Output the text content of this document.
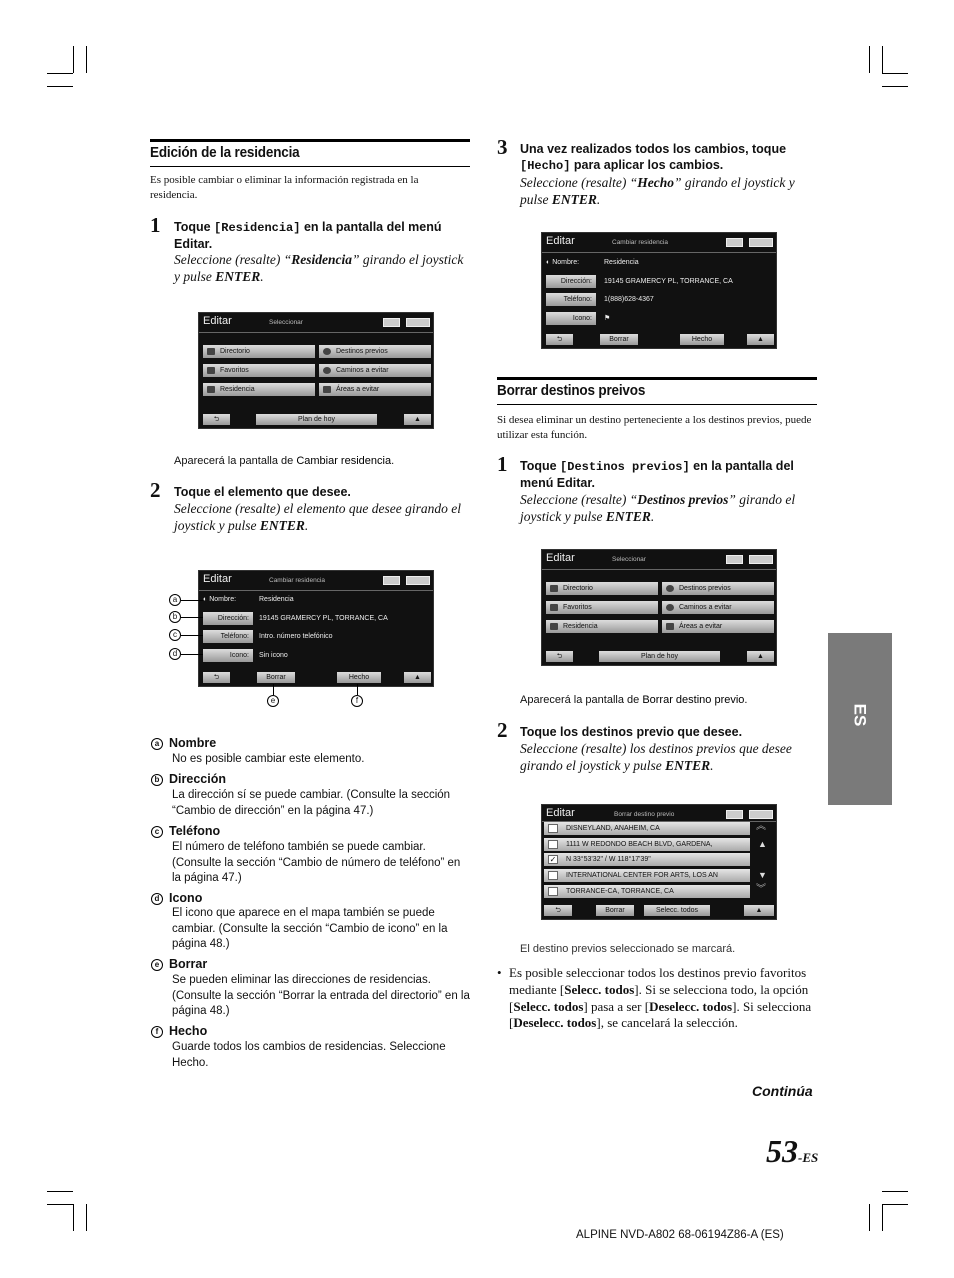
Edición de la residencia
Es posible cambiar o eliminar la información registrada en la residencia.
1 Toque [Residencia] en la pantalla del menú Editar.
Seleccione (resalte) “Residencia” girando el joystick y pulse ENTER.
Editar	Seleccionar
Directorio	Destinos previos
Favoritos	Caminos a evitar
Residencia	Áreas a evitar
⮌	Plan de hoy	▲
Aparecerá la pantalla de Cambiar residencia.
2 Toque el elemento que desee.
Seleccione (resalte) el elemento que desee girando el joystick y pulse ENTER.
Editar	Cambiar residencia
◐ Nombre:	Residencia
Dirección:	19145 GRAMERCY PL, TORRANCE, CA
Teléfono:	Intro. número telefónico
Icono:	Sin icono
⮌	Borrar	Hecho	▲
a
b
c
d
e	f
a Nombre
No es posible cambiar este elemento.
b Dirección
La dirección sí se puede cambiar. (Consulte la sección “Cambio de dirección” en la página 47.)
c Teléfono
El número de teléfono también se puede cambiar. (Consulte la sección “Cambio de número de teléfono” en la página 47.)
d Icono
El icono que aparece en el mapa también se puede cambiar. (Consulte la sección “Cambio de icono” en la página 48.)
e Borrar
Se pueden eliminar las direcciones de residencias. (Consulte la sección “Borrar la entrada del directorio” en la página 48.)
f Hecho
Guarde todos los cambios de residencias. Seleccione Hecho.
3 Una vez realizados todos los cambios, toque [Hecho] para aplicar los cambios.
Seleccione (resalte) “Hecho” girando el joystick y pulse ENTER.
Editar	Cambiar residencia
◐ Nombre:	Residencia
Dirección:	19145 GRAMERCY PL, TORRANCE, CA
Teléfono:	1(888)628-4367
Icono:	⚑
⮌	Borrar	Hecho	▲
Borrar destinos preivos
Si desea eliminar un destino perteneciente a los destinos previos, puede utilizar esta función.
1 Toque [Destinos previos] en la pantalla del menú Editar.
Seleccione (resalte) “Destinos previos” girando el joystick y pulse ENTER.
Editar	Seleccionar
Directorio	Destinos previos
Favoritos	Caminos a evitar
Residencia	Áreas a evitar
⮌	Plan de hoy	▲
Aparecerá la pantalla de Borrar destino previo.
2 Toque los destinos previo que desee.
Seleccione (resalte) los destinos previos que desee girando el joystick y pulse ENTER.
Editar	Borrar destino previo
DISNEYLAND, ANAHEIM, CA
1111 W REDONDO BEACH BLVD, GARDENA,
✓ N 33°53'32" / W 118°17'39"
INTERNATIONAL CENTER FOR ARTS, LOS AN
TORRANCE-CA, TORRANCE, CA
︽
▲
▼
︾
⮌	Borrar	Selecc. todos	▲
El destino previos seleccionado se marcará.
• Es posible seleccionar todos los destinos previo favoritos mediante [Selecc. todos]. Si se selecciona todo, la opción [Selecc. todos] pasa a ser [Deselecc. todos]. Si selecciona [Deselecc. todos], se cancelará la selección.
Continúa
ES
53-ES
ALPINE NVD-A802 68-06194Z86-A (ES)
